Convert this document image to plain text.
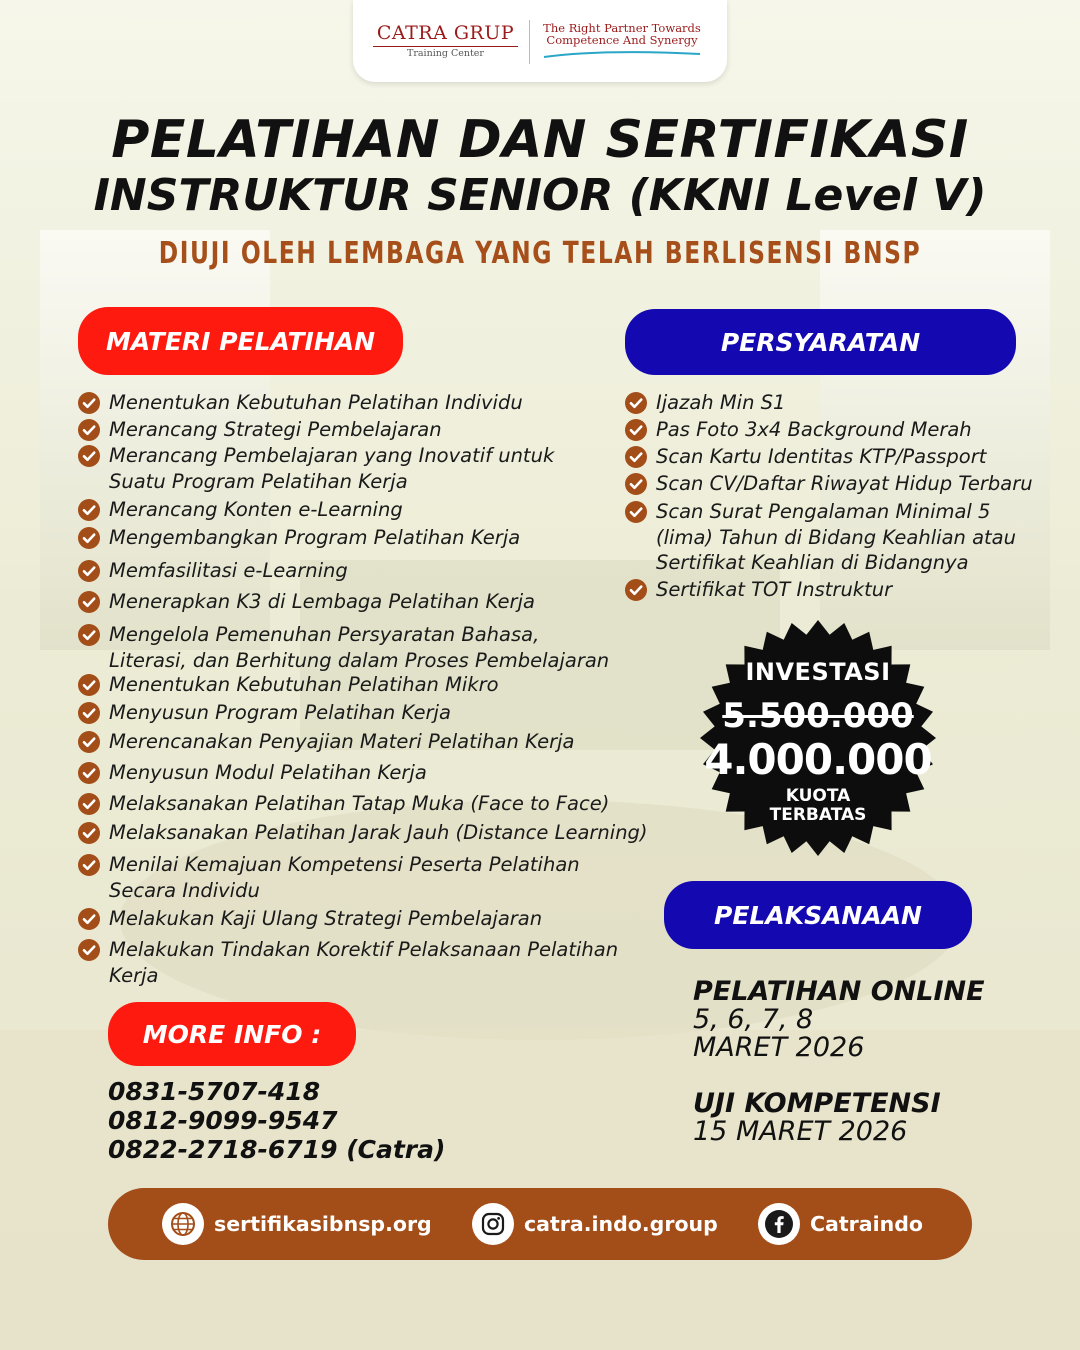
CATRA GRUP
Training Center
The Right Partner Towards
Competence And Synergy
PELATIHAN DAN SERTIFIKASI
INSTRUKTUR SENIOR (KKNI Level V)
DIUJI OLEH LEMBAGA YANG TELAH BERLISENSI BNSP
MATERI PELATIHAN	PERSYARATAN
Menentukan Kebutuhan Pelatihan Individu
Merancang Strategi Pembelajaran
Merancang Pembelajaran yang Inovatif untuk
Suatu Program Pelatihan Kerja
Merancang Konten e-Learning
Mengembangkan Program Pelatihan Kerja
Memfasilitasi e-Learning
Menerapkan K3 di Lembaga Pelatihan Kerja
Mengelola Pemenuhan Persyaratan Bahasa,
Literasi, dan Berhitung dalam Proses Pembelajaran
Menentukan Kebutuhan Pelatihan Mikro
Menyusun Program Pelatihan Kerja
Merencanakan Penyajian Materi Pelatihan Kerja
Menyusun Modul Pelatihan Kerja
Melaksanakan Pelatihan Tatap Muka (Face to Face)
Melaksanakan Pelatihan Jarak Jauh (Distance Learning)
Menilai Kemajuan Kompetensi Peserta Pelatihan
Secara Individu
Melakukan Kaji Ulang Strategi Pembelajaran
Melakukan Tindakan Korektif Pelaksanaan Pelatihan
Kerja
Ijazah Min S1
Pas Foto 3x4 Background Merah
Scan Kartu Identitas KTP/Passport
Scan CV/Daftar Riwayat Hidup Terbaru
Scan Surat Pengalaman Minimal 5
(lima) Tahun di Bidang Keahlian atau
Sertifikat Keahlian di Bidangnya
Sertifikat TOT Instruktur
INVESTASI
5.500.000
4.000.000
KUOTA
TERBATAS
PELAKSANAAN
PELATIHAN ONLINE
5, 6, 7, 8
MARET 2026
UJI KOMPETENSI
15 MARET 2026
MORE INFO :
0831-5707-418
0812-9099-9547
0822-2718-6719 (Catra)
sertifikasibnsp.org	catra.indo.group	Catraindo
